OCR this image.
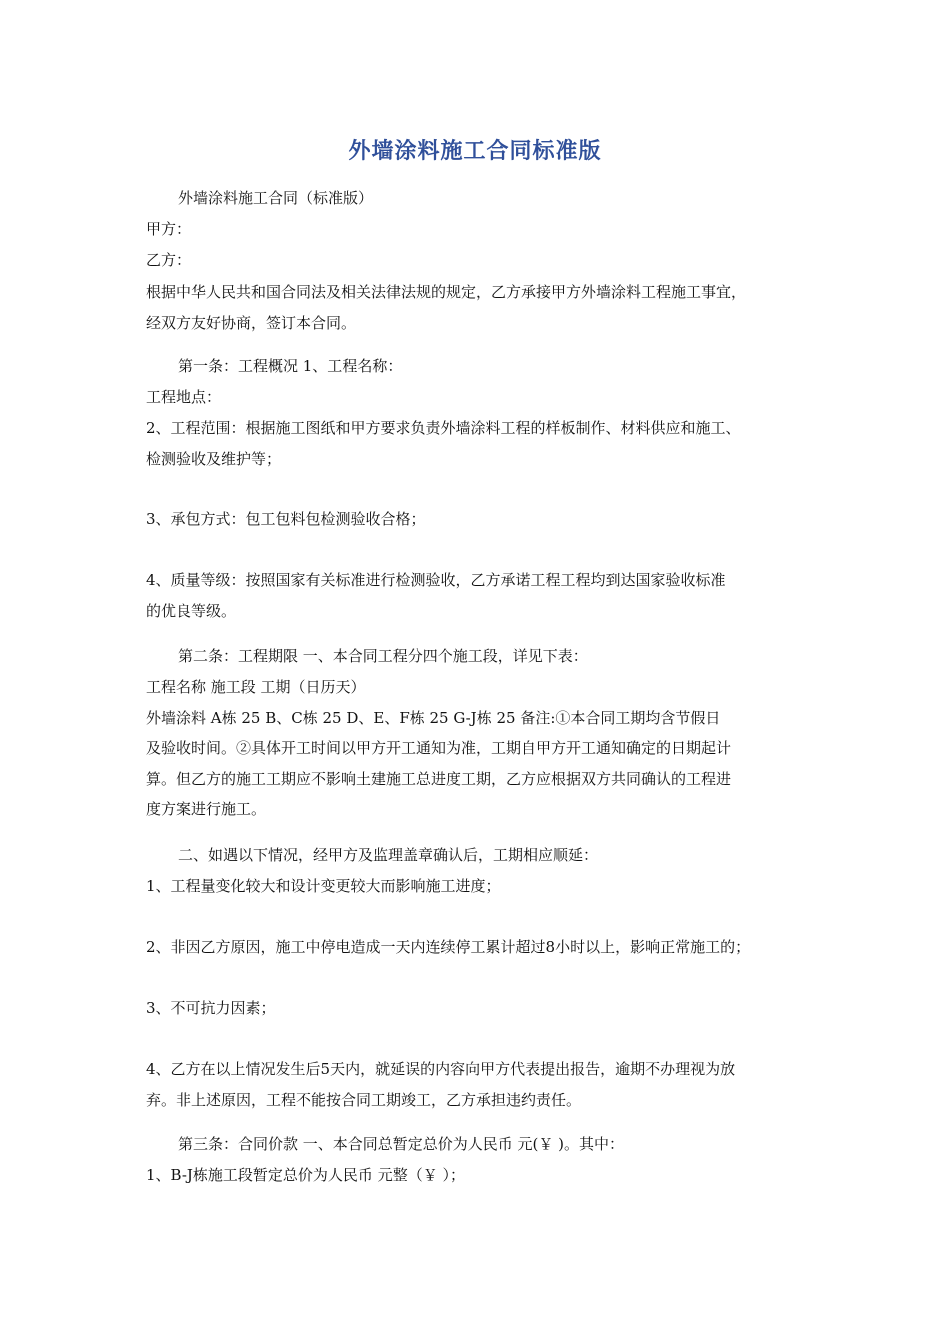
外墙涂料施工合同标准版
外墙涂料施工合同（标准版）
甲方：
乙方：
根据中华人民共和国合同法及相关法律法规的规定，乙方承接甲方外墙涂料工程施工事宜，
经双方友好协商，签订本合同。
第一条：工程概况 1、工程名称：
工程地点：
2、工程范围：根据施工图纸和甲方要求负责外墙涂料工程的样板制作、材料供应和施工、
检测验收及维护等；
3、承包方式：包工包料包检测验收合格；
4、质量等级：按照国家有关标准进行检测验收，乙方承诺工程工程均到达国家验收标准
的优良等级。
第二条：工程期限 一、本合同工程分四个施工段，详见下表：
工程名称 施工段 工期（日历天）
外墙涂料 A栋 25 B、C栋 25 D、E、F栋 25 G-J栋 25 备注:①本合同工期均含节假日
及验收时间。②具体开工时间以甲方开工通知为准，工期自甲方开工通知确定的日期起计
算。但乙方的施工工期应不影响土建施工总进度工期，乙方应根据双方共同确认的工程进
度方案进行施工。
二、如遇以下情况，经甲方及监理盖章确认后，工期相应顺延：
1、工程量变化较大和设计变更较大而影响施工进度；
2、非因乙方原因，施工中停电造成一天内连续停工累计超过8小时以上，影响正常施工的；
3、不可抗力因素；
4、乙方在以上情况发生后5天内，就延误的内容向甲方代表提出报告，逾期不办理视为放
弃。非上述原因，工程不能按合同工期竣工，乙方承担违约责任。
第三条：合同价款 一、本合同总暂定总价为人民币 元(￥ )。其中：
1、B-J栋施工段暂定总价为人民币 元整（￥ ）；
